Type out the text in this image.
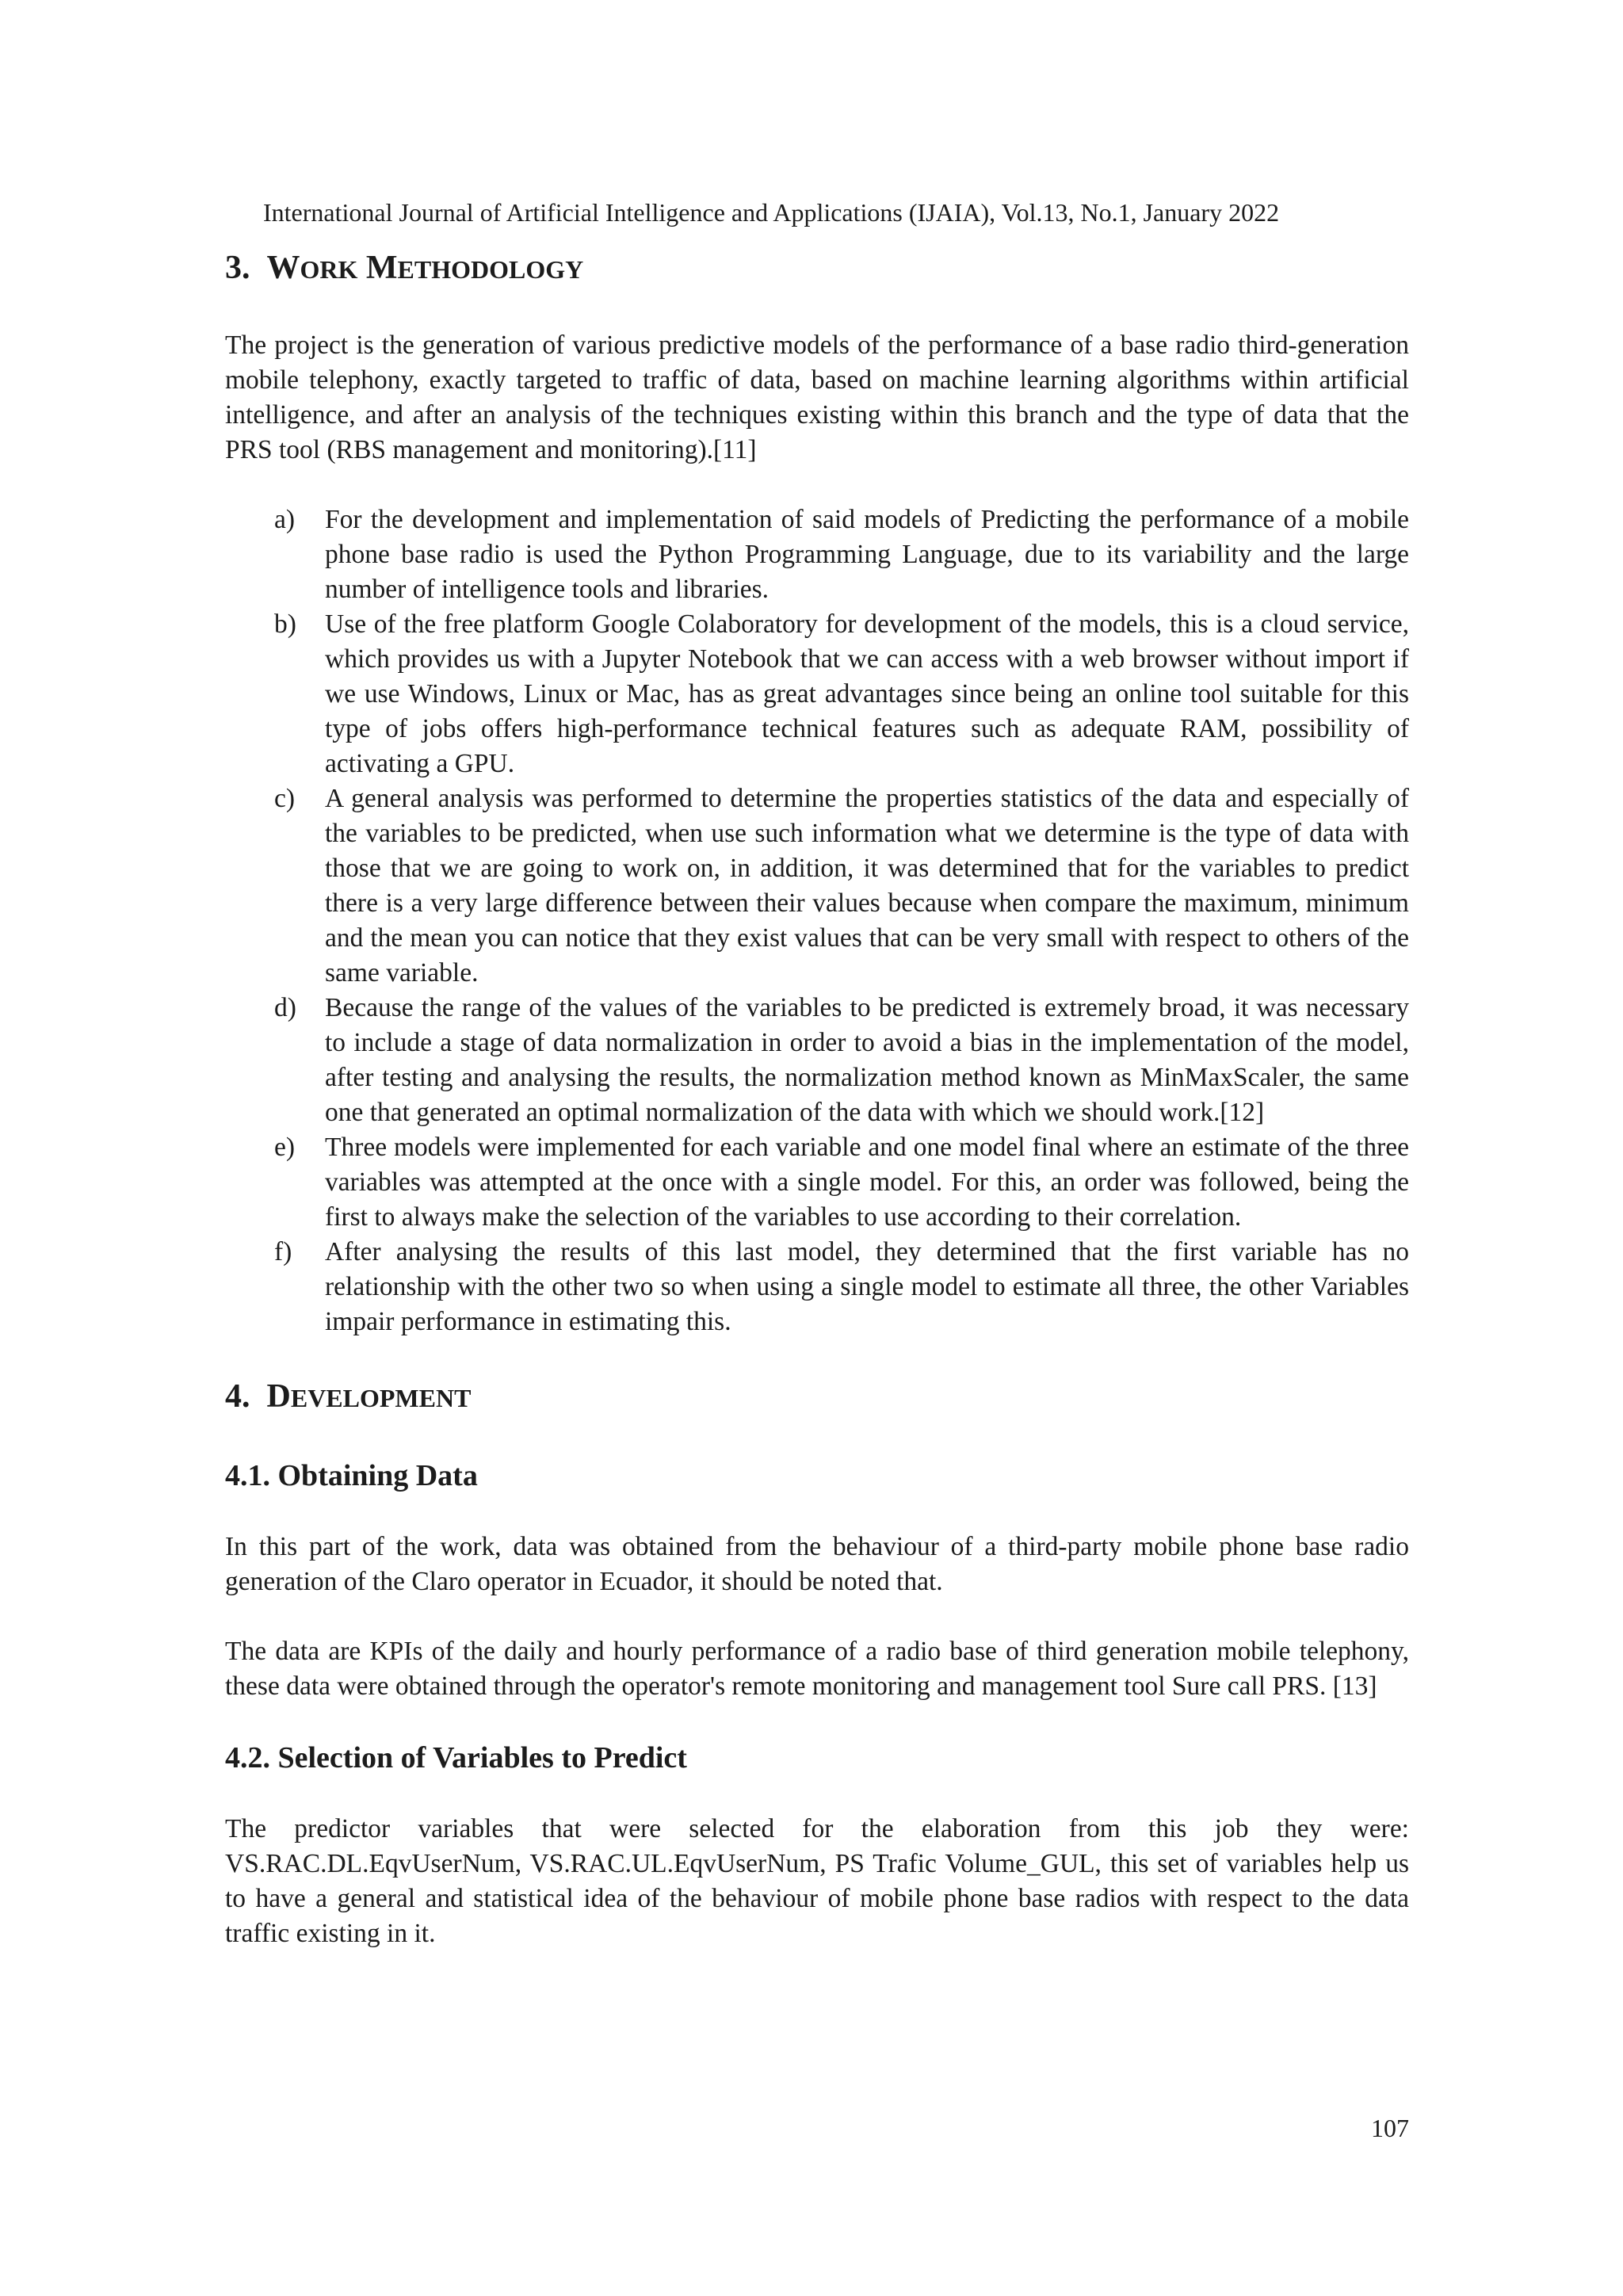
International Journal of Artificial Intelligence and Applications (IJAIA), Vol.13, No.1, January 2022
3. WORK METHODOLOGY

The project is the generation of various predictive models of the performance of a base radio third-generation mobile telephony, exactly targeted to traffic of data, based on machine learning algorithms within artificial intelligence, and after an analysis of the techniques existing within this branch and the type of data that the PRS tool (RBS management and monitoring).[11]

a) For the development and implementation of said models of Predicting the performance of a mobile phone base radio is used the Python Programming Language, due to its variability and the large number of intelligence tools and libraries.
b) Use of the free platform Google Colaboratory for development of the models, this is a cloud service, which provides us with a Jupyter Notebook that we can access with a web browser without import if we use Windows, Linux or Mac, has as great advantages since being an online tool suitable for this type of jobs offers high-performance technical features such as adequate RAM, possibility of activating a GPU.
c) A general analysis was performed to determine the properties statistics of the data and especially of the variables to be predicted, when use such information what we determine is the type of data with those that we are going to work on, in addition, it was determined that for the variables to predict there is a very large difference between their values because when compare the maximum, minimum and the mean you can notice that they exist values that can be very small with respect to others of the same variable.
d) Because the range of the values of the variables to be predicted is extremely broad, it was necessary to include a stage of data normalization in order to avoid a bias in the implementation of the model, after testing and analysing the results, the normalization method known as MinMaxScaler, the same one that generated an optimal normalization of the data with which we should work.[12]
e) Three models were implemented for each variable and one model final where an estimate of the three variables was attempted at the once with a single model. For this, an order was followed, being the first to always make the selection of the variables to use according to their correlation.
f) After analysing the results of this last model, they determined that the first variable has no relationship with the other two so when using a single model to estimate all three, the other Variables impair performance in estimating this.
4. DEVELOPMENT
4.1. Obtaining Data

In this part of the work, data was obtained from the behaviour of a third-party mobile phone base radio generation of the Claro operator in Ecuador, it should be noted that.

The data are KPIs of the daily and hourly performance of a radio base of third generation mobile telephony, these data were obtained through the operator's remote monitoring and management tool Sure call PRS. [13]

4.2. Selection of Variables to Predict

The predictor variables that were selected for the elaboration from this job they were: VS.RAC.DL.EqvUserNum, VS.RAC.UL.EqvUserNum, PS Trafic Volume_GUL, this set of variables help us to have a general and statistical idea of the behaviour of mobile phone base radios with respect to the data traffic existing in it.

107
